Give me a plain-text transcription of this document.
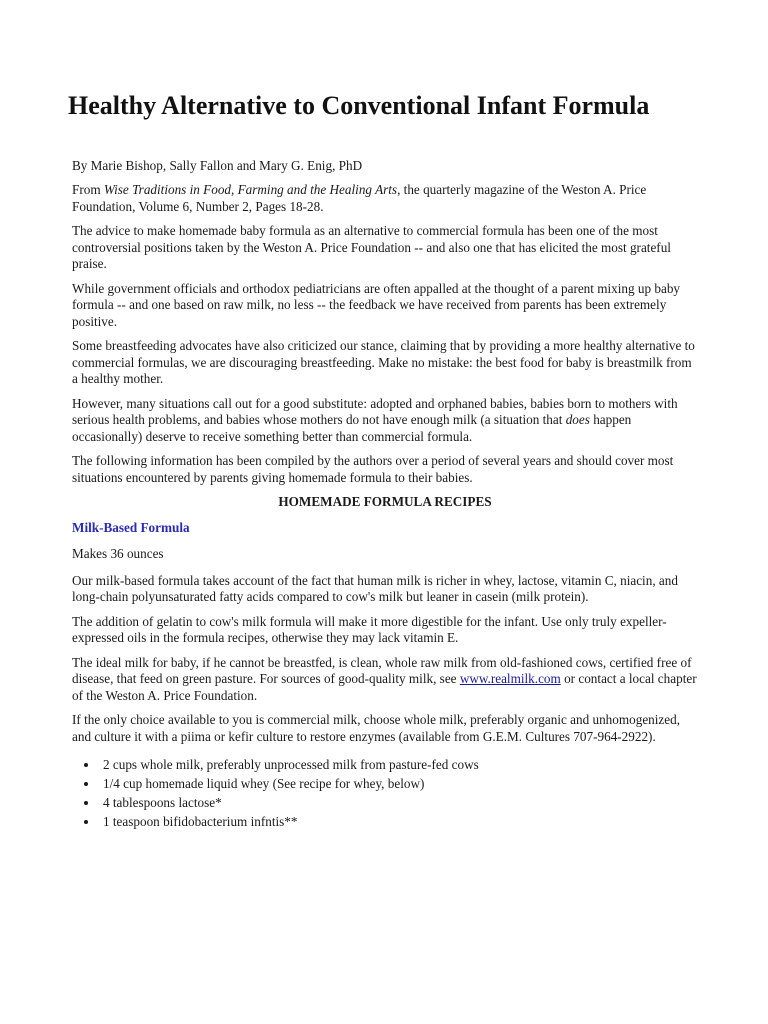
Healthy Alternative to Conventional Infant Formula

By Marie Bishop, Sally Fallon and Mary G. Enig, PhD

From Wise Traditions in Food, Farming and the Healing Arts, the quarterly magazine of the Weston A. Price Foundation, Volume 6, Number 2, Pages 18-28.

The advice to make homemade baby formula as an alternative to commercial formula has been one of the most controversial positions taken by the Weston A. Price Foundation -- and also one that has elicited the most grateful praise.

While government officials and orthodox pediatricians are often appalled at the thought of a parent mixing up baby formula -- and one based on raw milk, no less -- the feedback we have received from parents has been extremely positive.

Some breastfeeding advocates have also criticized our stance, claiming that by providing a more healthy alternative to commercial formulas, we are discouraging breastfeeding. Make no mistake: the best food for baby is breastmilk from a healthy mother.

However, many situations call out for a good substitute: adopted and orphaned babies, babies born to mothers with serious health problems, and babies whose mothers do not have enough milk (a situation that does happen occasionally) deserve to receive something better than commercial formula.

The following information has been compiled by the authors over a period of several years and should cover most situations encountered by parents giving homemade formula to their babies.

HOMEMADE FORMULA RECIPES
Milk-Based Formula

Makes 36 ounces

Our milk-based formula takes account of the fact that human milk is richer in whey, lactose, vitamin C, niacin, and long-chain polyunsaturated fatty acids compared to cow's milk but leaner in casein (milk protein).

The addition of gelatin to cow's milk formula will make it more digestible for the infant. Use only truly expeller-expressed oils in the formula recipes, otherwise they may lack vitamin E.

The ideal milk for baby, if he cannot be breastfed, is clean, whole raw milk from old-fashioned cows, certified free of disease, that feed on green pasture. For sources of good-quality milk, see www.realmilk.com or contact a local chapter of the Weston A. Price Foundation.

If the only choice available to you is commercial milk, choose whole milk, preferably organic and unhomogenized, and culture it with a piima or kefir culture to restore enzymes (available from G.E.M. Cultures 707-964-2922).

• 2 cups whole milk, preferably unprocessed milk from pasture-fed cows
• 1/4 cup homemade liquid whey (See recipe for whey, below)
• 4 tablespoons lactose*
• 1 teaspoon bifidobacterium infntis**
